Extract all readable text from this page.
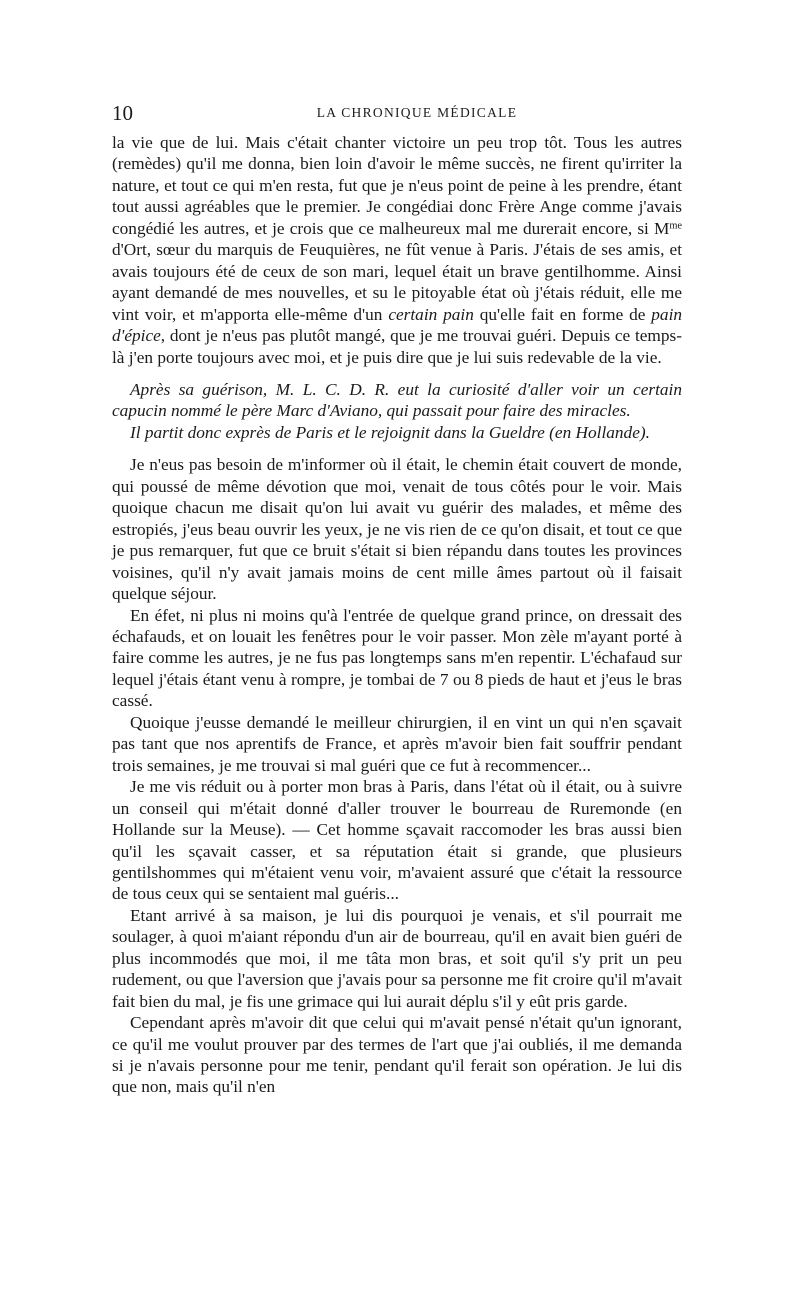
10	LA CHRONIQUE MÉDICALE

la vie que de lui. Mais c'était chanter victoire un peu trop tôt. Tous les autres (remèdes) qu'il me donna, bien loin d'avoir le même succès, ne firent qu'irriter la nature, et tout ce qui m'en resta, fut que je n'eus point de peine à les prendre, étant tout aussi agréables que le premier. Je congédiai donc Frère Ange comme j'avais congédié les autres, et je crois que ce malheureux mal me durerait encore, si $M^{me}$ d'Ort, sœur du marquis de Feuquières, ne fût venue à Paris. J'étais de ses amis, et avais toujours été de ceux de son mari, lequel était un brave gentilhomme. Ainsi ayant demandé de mes nouvelles, et su le pitoyable état où j'étais réduit, elle me vint voir, et m'apporta elle-même d'un certain pain qu'elle fait en forme de pain d'épice, dont je n'eus pas plutôt mangé, que je me trouvai guéri. Depuis ce temps-là j'en porte toujours avec moi, et je puis dire que je lui suis redevable de la vie.

Après sa guérison, M. L. C. D. R. eut la curiosité d'aller voir un certain capucin nommé le père Marc d'Aviano, qui passait pour faire des miracles.

Il partit donc exprès de Paris et le rejoignit dans la Gueldre (en Hollande).

Je n'eus pas besoin de m'informer où il était, le chemin était couvert de monde, qui poussé de même dévotion que moi, venait de tous côtés pour le voir. Mais quoique chacun me disait qu'on lui avait vu guérir des malades, et même des estropiés, j'eus beau ouvrir les yeux, je ne vis rien de ce qu'on disait, et tout ce que je pus remarquer, fut que ce bruit s'était si bien répandu dans toutes les provinces voisines, qu'il n'y avait jamais moins de cent mille âmes partout où il faisait quelque séjour.

En éfet, ni plus ni moins qu'à l'entrée de quelque grand prince, on dressait des échafauds, et on louait les fenêtres pour le voir passer. Mon zèle m'ayant porté à faire comme les autres, je ne fus pas longtemps sans m'en repentir. L'échafaud sur lequel j'étais étant venu à rompre, je tombai de 7 ou 8 pieds de haut et j'eus le bras cassé.

Quoique j'eusse demandé le meilleur chirurgien, il en vint un qui n'en sçavait pas tant que nos aprentifs de France, et après m'avoir bien fait souffrir pendant trois semaines, je me trouvai si mal guéri que ce fut à recommencer...

Je me vis réduit ou à porter mon bras à Paris, dans l'état où il était, ou à suivre un conseil qui m'était donné d'aller trouver le bourreau de Ruremonde (en Hollande sur la Meuse). — Cet homme sçavait raccomoder les bras aussi bien qu'il les sçavait casser, et sa réputation était si grande, que plusieurs gentilshommes qui m'étaient venu voir, m'avaient assuré que c'était la ressource de tous ceux qui se sentaient mal guéris...

Etant arrivé à sa maison, je lui dis pourquoi je venais, et s'il pourrait me soulager, à quoi m'aiant répondu d'un air de bourreau, qu'il en avait bien guéri de plus incommodés que moi, il me tâta mon bras, et soit qu'il s'y prit un peu rudement, ou que l'aversion que j'avais pour sa personne me fit croire qu'il m'avait fait bien du mal, je fis une grimace qui lui aurait déplu s'il y eût pris garde.

Cependant après m'avoir dit que celui qui m'avait pensé n'était qu'un ignorant, ce qu'il me voulut prouver par des termes de l'art que j'ai oubliés, il me demanda si je n'avais personne pour me tenir, pendant qu'il ferait son opération. Je lui dis que non, mais qu'il n'en
